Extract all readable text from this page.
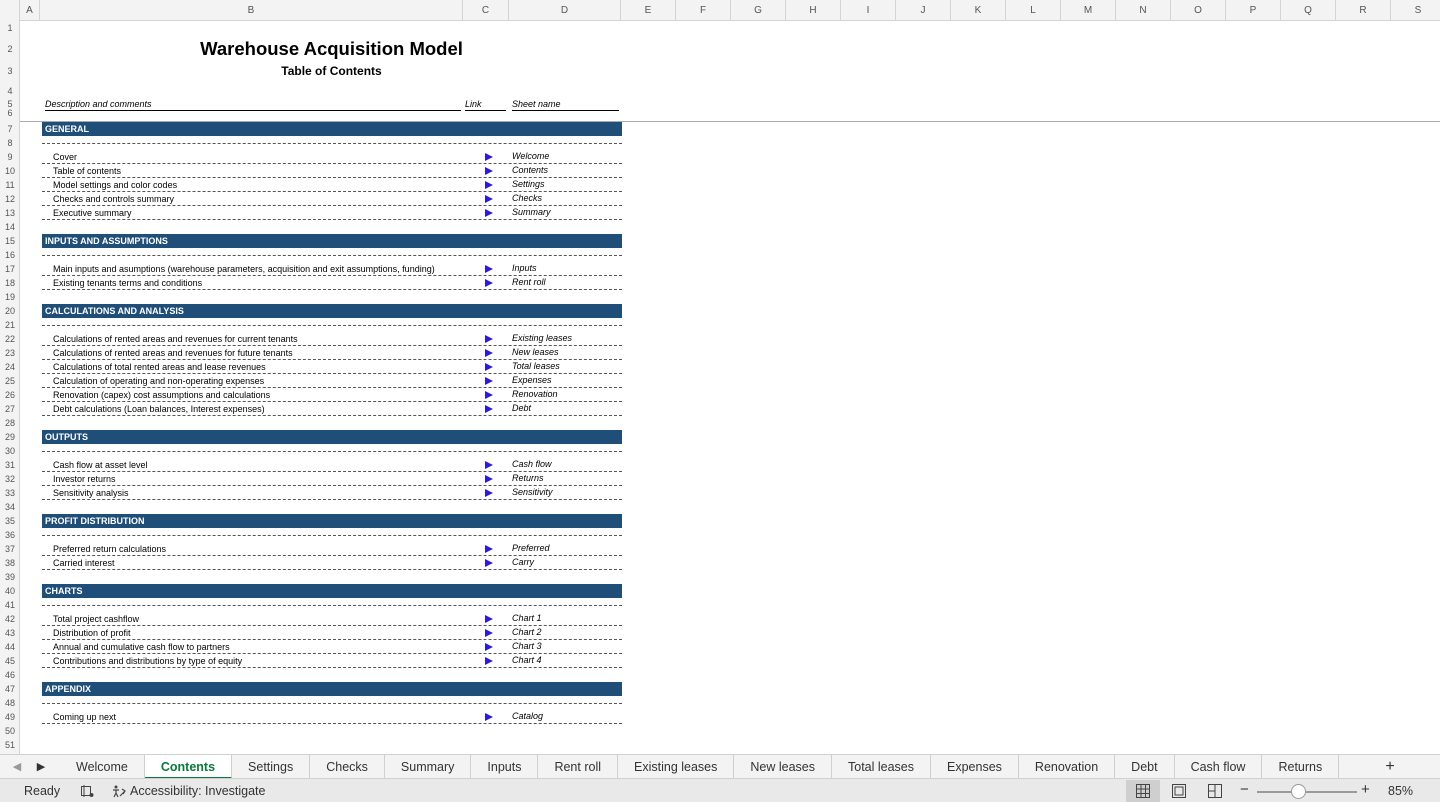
A	B	C	D	E	F	G	H	I	J	K	L	M	N	O	P	Q	R	S
1
2
3
4
5
6
7
8
9
10
11
12
13
14
15
16
17
18
19
20
21
22
23
24
25
26
27
28
29
30
31
32
33
34
35
36
37
38
39
40
41
42
43
44
45
46
47
48
49
50
51
Warehouse Acquisition Model
Table of Contents
Description and comments	Link	Sheet name
GENERAL
Cover	Welcome
Table of contents	Contents
Model settings and color codes	Settings
Checks and controls summary	Checks
Executive summary	Summary
INPUTS AND ASSUMPTIONS
Main inputs and asumptions (warehouse parameters, acquisition and exit assumptions, funding)	Inputs
Existing tenants terms and conditions	Rent roll
CALCULATIONS AND ANALYSIS
Calculations of rented areas and revenues for current tenants	Existing leases
Calculations of rented areas and revenues for future tenants	New leases
Calculations of total rented areas and lease revenues	Total leases
Calculation of operating and non-operating expenses	Expenses
Renovation (capex) cost assumptions and calculations	Renovation
Debt calculations (Loan balances, Interest expenses)	Debt
OUTPUTS
Cash flow at asset level	Cash flow
Investor returns	Returns
Sensitivity analysis	Sensitivity
PROFIT DISTRIBUTION
Preferred return calculations	Preferred
Carried interest	Carry
CHARTS
Total project cashflow	Chart 1
Distribution of profit	Chart 2
Annual and cumulative cash flow to partners	Chart 3
Contributions and distributions by type of equity	Chart 4
APPENDIX
Coming up next	Catalog
◀	▶	Welcome	Contents	Settings	Checks	Summary	Inputs	Rent roll	Existing leases	New leases	Total leases	Expenses	Renovation	Debt	Cash flow	Returns	+
Ready	Accessibility: Investigate	−	+ 85%
